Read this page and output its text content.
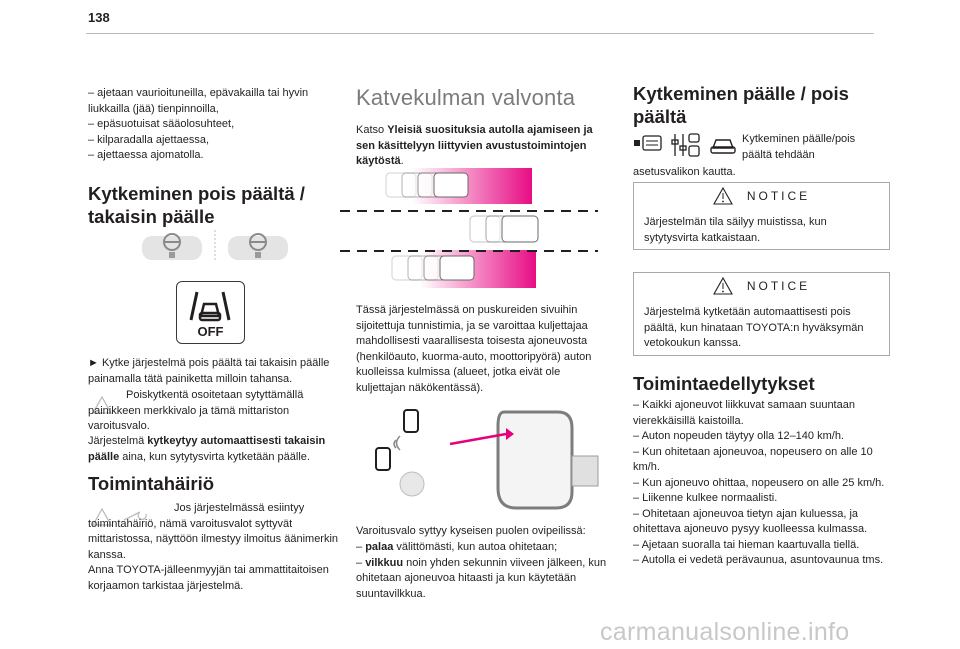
138
– ajetaan vaurioituneilla, epävakailla tai hyvin liukkailla (jää) tienpinnoilla,
– epäsuotuisat sääolosuhteet,
– kilparadalla ajettaessa,
– ajettaessa ajomatolla.
Kytkeminen pois päältä / takaisin päälle
OFF

► Kytke järjestelmä pois päältä tai takaisin päälle painamalla tätä painiketta milloin tahansa.

Poiskytkentä osoitetaan sytyttämällä painikkeen merkkivalo ja tämä mittariston varoitusvalo.

Järjestelmä kytkeytyy automaattisesti takaisin päälle aina, kun sytytysvirta kytketään päälle.

Toimintahäiriö

Jos järjestelmässä esiintyy toimintahäiriö, nämä varoitusvalot syttyvät mittaristossa, näyttöön ilmestyy ilmoitus äänimerkin kanssa.

Anna TOYOTA-jälleenmyyjän tai ammattitaitoisen korjaamon tarkistaa järjestelmä.

Katvekulman valvonta

Katso Yleisiä suosituksia autolla ajamiseen ja sen käsittelyyn liittyvien avustustoimintojen käytöstä.

Tässä järjestelmässä on puskureiden sivuihin sijoitettuja tunnistimia, ja se varoittaa kuljettajaa mahdollisesti vaarallisesta toisesta ajoneuvosta (henkilöauto, kuorma-auto, moottoripyörä) auton kuolleissa kulmissa (alueet, jotka eivät ole kuljettajan näkökentässä).

Varoitusvalo syttyy kyseisen puolen ovipeilissä:

– palaa välittömästi, kun autoa ohitetaan;
– vilkkuu noin yhden sekunnin viiveen jälkeen, kun ohitetaan ajoneuvoa hitaasti ja kun käytetään suuntavilkkua.
Kytkeminen päälle / pois päältä

Kytkeminen päälle/pois päältä tehdään

asetusvalikon kautta.

NOTICE

Järjestelmän tila säilyy muistissa, kun sytytysvirta katkaistaan.

NOTICE

Järjestelmä kytketään automaattisesti pois päältä, kun hinataan TOYOTA:n hyväksymän vetokoukun kanssa.

Toimintaedellytykset
– Kaikki ajoneuvot liikkuvat samaan suuntaan vierekkäisillä kaistoilla.
– Auton nopeuden täytyy olla 12–140 km/h.
– Kun ohitetaan ajoneuvoa, nopeusero on alle 10 km/h.
– Kun ajoneuvo ohittaa, nopeusero on alle 25 km/h.
– Liikenne kulkee normaalisti.
– Ohitetaan ajoneuvoa tietyn ajan kuluessa, ja ohitettava ajoneuvo pysyy kuolleessa kulmassa.
– Ajetaan suoralla tai hieman kaartuvalla tiellä.
– Autolla ei vedetä perävaunua, asuntovaunua tms.
carmanualsonline.info
